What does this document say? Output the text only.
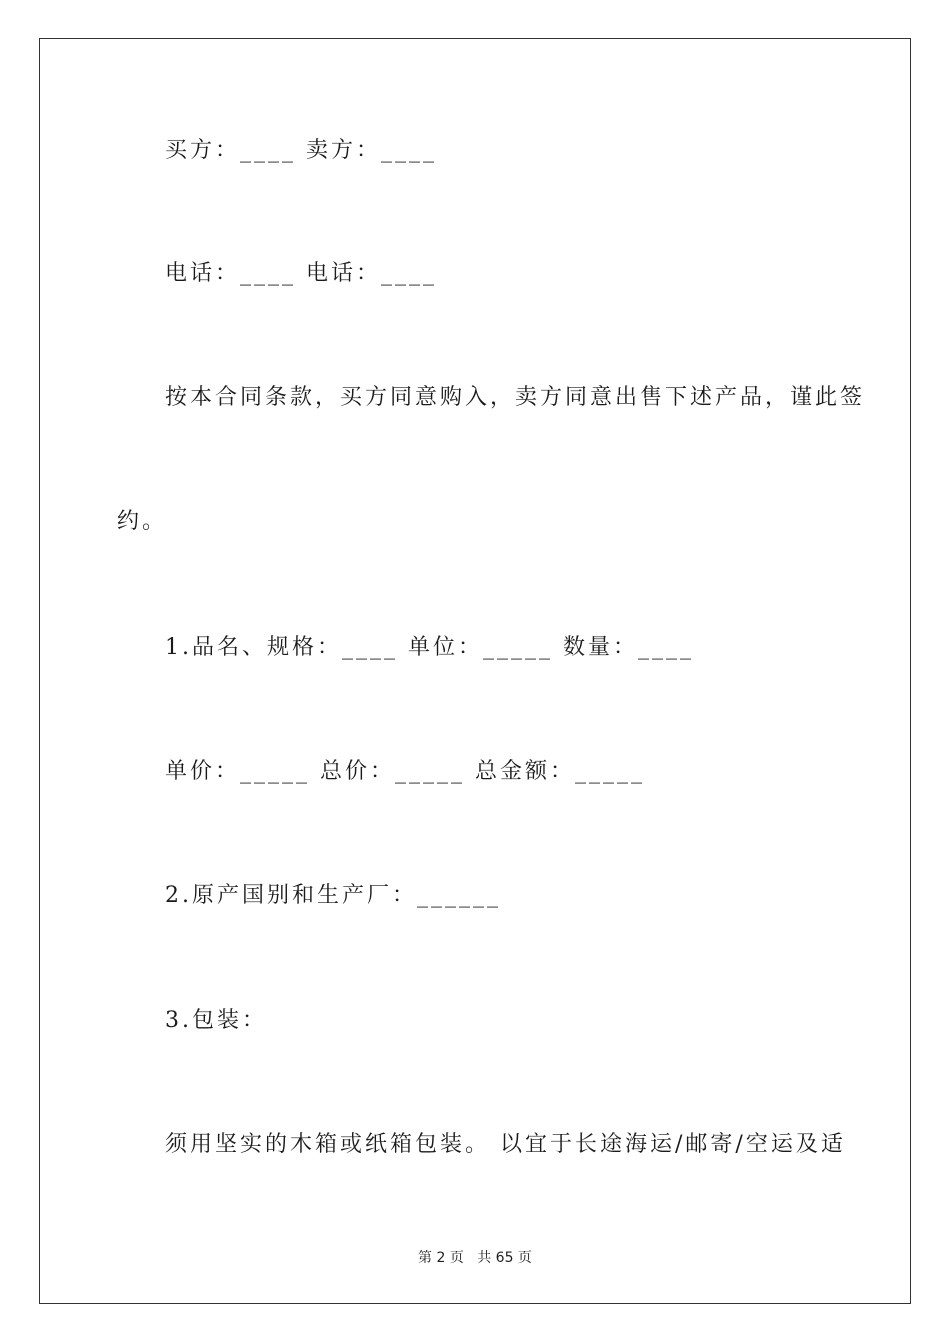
买方：____ 卖方：____
电话：____ 电话：____
按本合同条款，买方同意购入，卖方同意出售下述产品，谨此签
约。
1.品名、规格：____ 单位：_____ 数量：____
单价：_____ 总价：_____ 总金额：_____
2.原产国别和生产厂：______
3.包装：
须用坚实的木箱或纸箱包装。 以宜于长途海运/邮寄/空运及适
第 2 页 共 65 页
